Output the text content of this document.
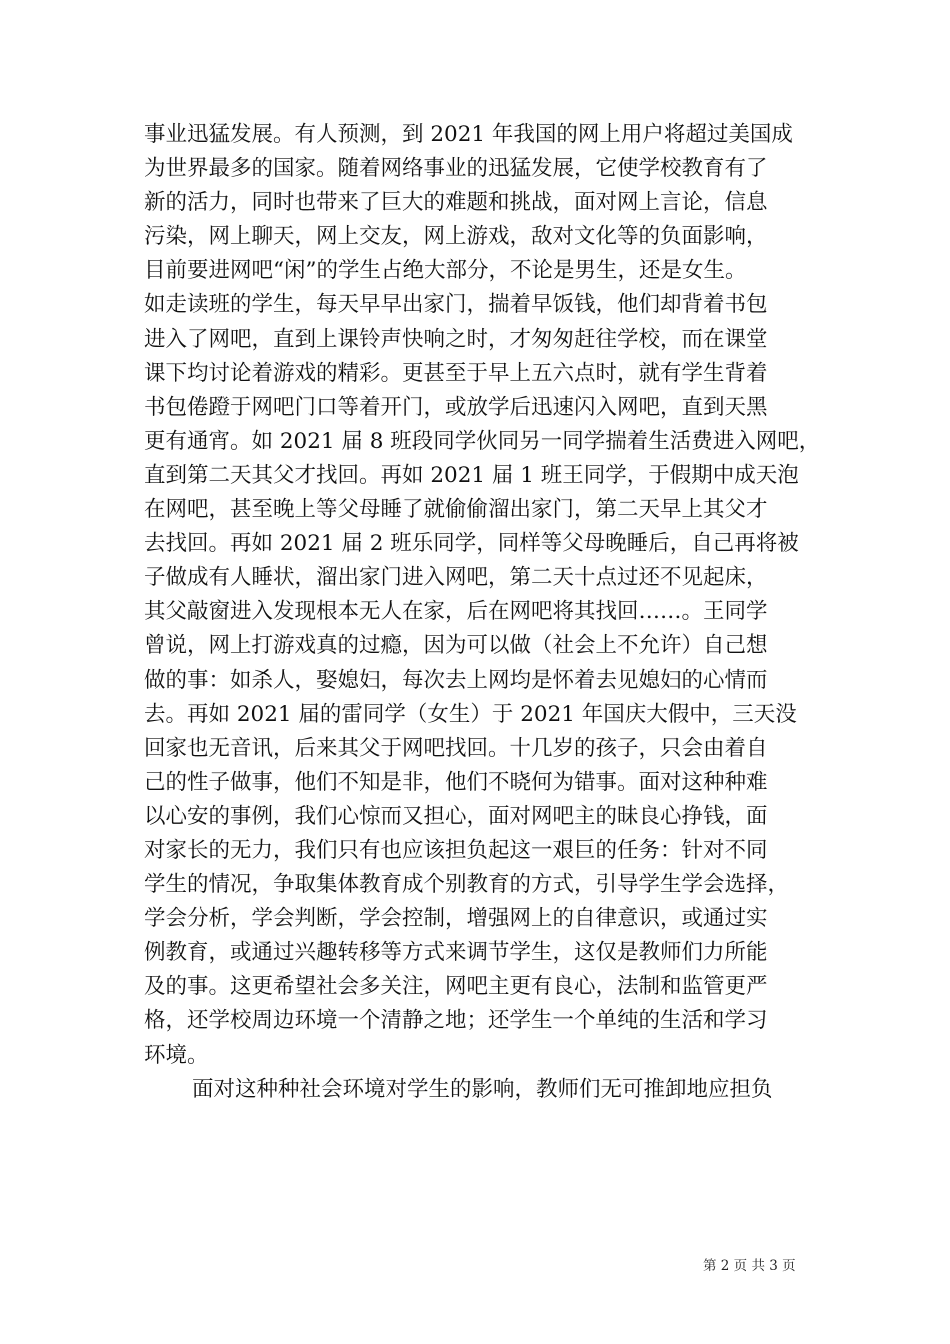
事业迅猛发展。有人预测，到 2021 年我国的网上用户将超过美国成
为世界最多的国家。随着网络事业的迅猛发展，它使学校教育有了
新的活力，同时也带来了巨大的难题和挑战，面对网上言论，信息
污染，网上聊天，网上交友，网上游戏，敌对文化等的负面影响，
目前要进网吧“闲”的学生占绝大部分，不论是男生，还是女生。
如走读班的学生，每天早早出家门，揣着早饭钱，他们却背着书包
进入了网吧，直到上课铃声快响之时，才匆匆赶往学校，而在课堂
课下均讨论着游戏的精彩。更甚至于早上五六点时，就有学生背着
书包倦蹬于网吧门口等着开门，或放学后迅速闪入网吧，直到天黑
更有通宵。如 2021 届 8 班段同学伙同另一同学揣着生活费进入网吧，
直到第二天其父才找回。再如 2021 届 1 班王同学，于假期中成天泡
在网吧，甚至晚上等父母睡了就偷偷溜出家门，第二天早上其父才
去找回。再如 2021 届 2 班乐同学，同样等父母晚睡后，自己再将被
子做成有人睡状，溜出家门进入网吧，第二天十点过还不见起床，
其父敲窗进入发现根本无人在家，后在网吧将其找回……。王同学
曾说，网上打游戏真的过瘾，因为可以做（社会上不允许）自己想
做的事：如杀人，娶媳妇，每次去上网均是怀着去见媳妇的心情而
去。再如 2021 届的雷同学（女生）于 2021 年国庆大假中，三天没
回家也无音讯，后来其父于网吧找回。十几岁的孩子，只会由着自
己的性子做事，他们不知是非，他们不晓何为错事。面对这种种难
以心安的事例，我们心惊而又担心，面对网吧主的昧良心挣钱，面
对家长的无力，我们只有也应该担负起这一艰巨的任务：针对不同
学生的情况，争取集体教育成个别教育的方式，引导学生学会选择，
学会分析，学会判断，学会控制，增强网上的自律意识，或通过实
例教育，或通过兴趣转移等方式来调节学生，这仅是教师们力所能
及的事。这更希望社会多关注，网吧主更有良心，法制和监管更严
格，还学校周边环境一个清静之地；还学生一个单纯的生活和学习
环境。
面对这种种社会环境对学生的影响，教师们无可推卸地应担负
第 2 页 共 3 页
